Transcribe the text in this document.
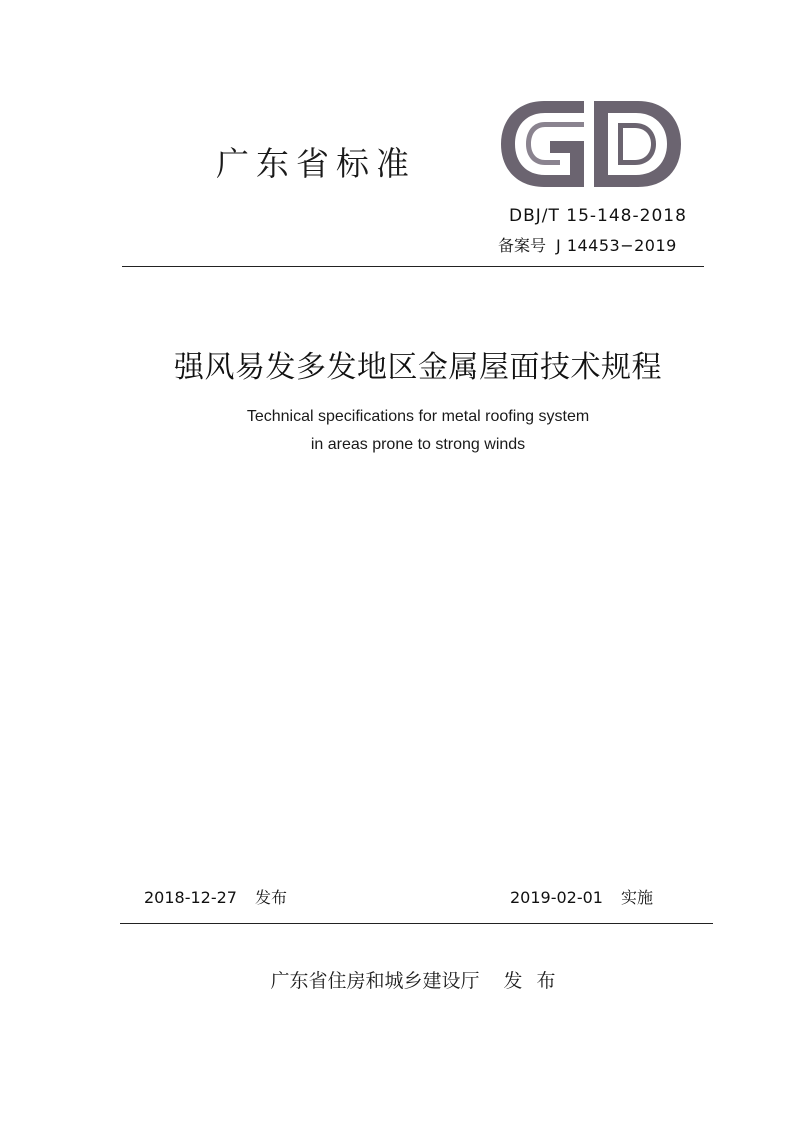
广东省标准
DBJ/T 15-148-2018
备案号 J 14453−2019
强风易发多发地区金属屋面技术规程
Technical specifications for metal roofing system
in areas prone to strong winds
2018-12-27 发布	2019-02-01 实施
广东省住房和城乡建设厅 发 布
